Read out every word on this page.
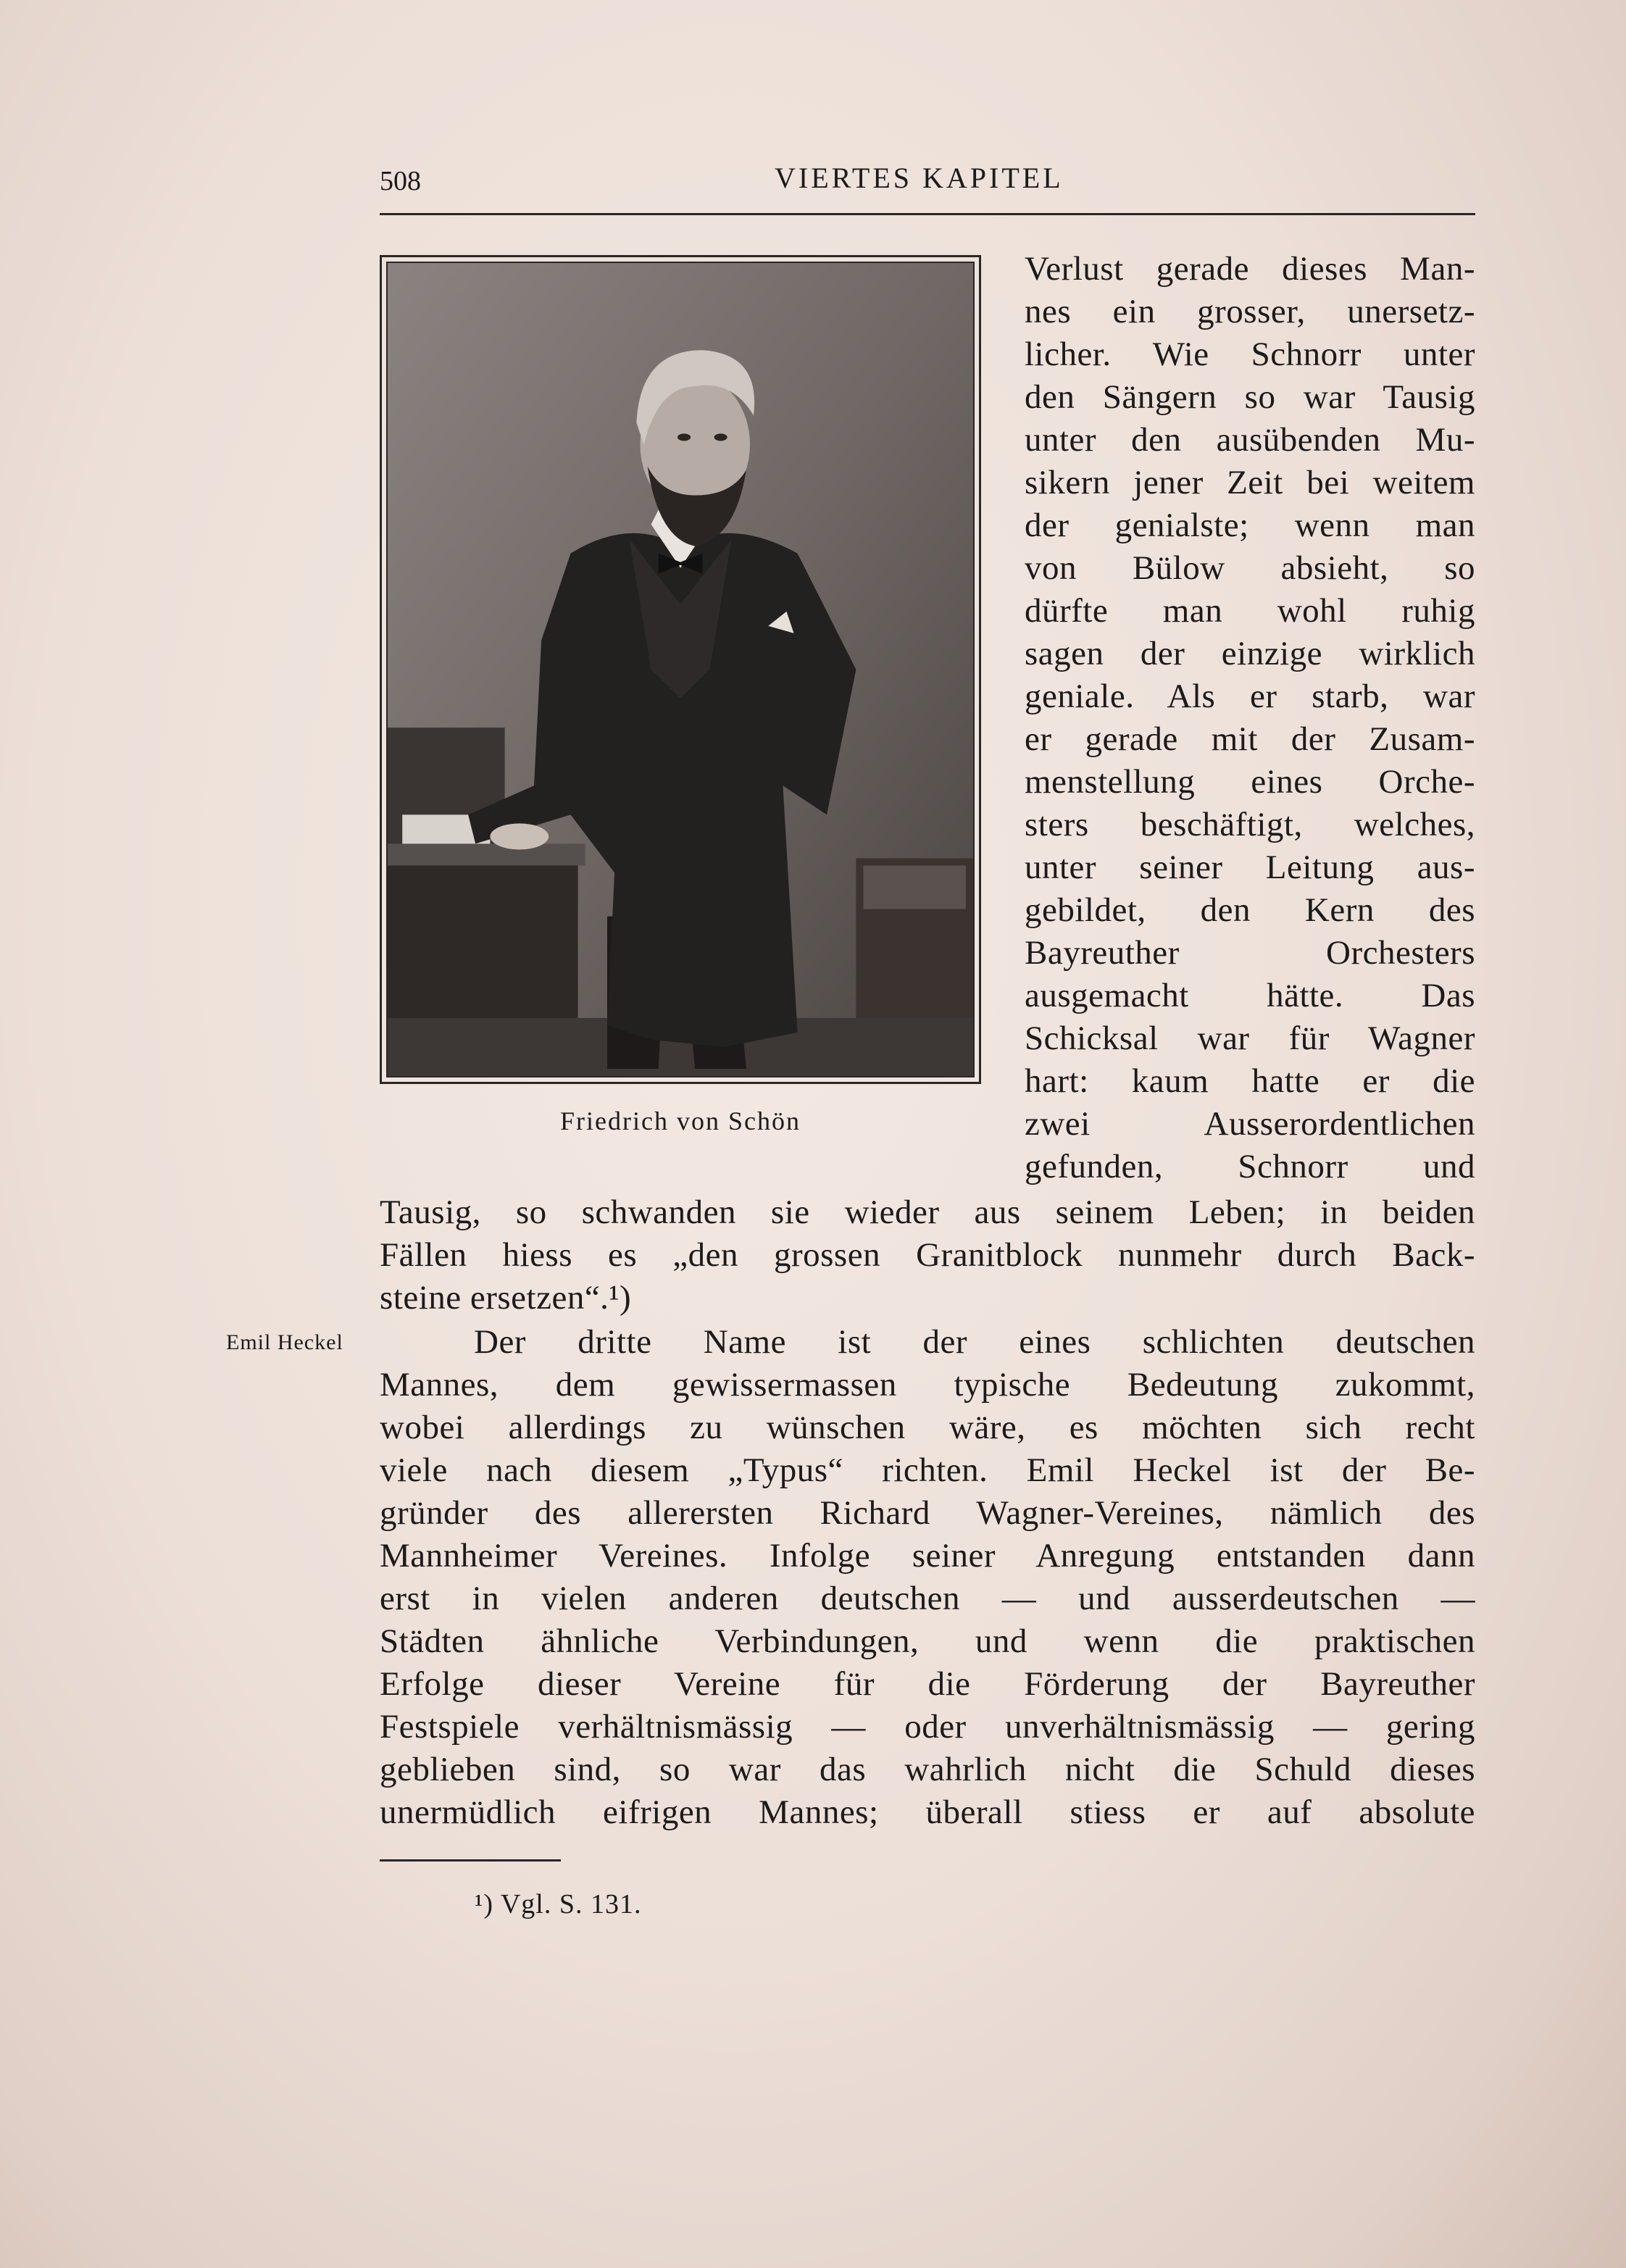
508	VIERTES KAPITEL
Friedrich von Schön
Verlust gerade dieses Man-
nes ein grosser, unersetz-
licher. Wie Schnorr unter
den Sängern so war Tausig
unter den ausübenden Mu-
sikern jener Zeit bei weitem
der genialste; wenn man
von Bülow absieht, so
dürfte man wohl ruhig
sagen der einzige wirklich
geniale. Als er starb, war
er gerade mit der Zusam-
menstellung eines Orche-
sters beschäftigt, welches,
unter seiner Leitung aus-
gebildet, den Kern des
Bayreuther Orchesters
ausgemacht hätte. Das
Schicksal war für Wagner
hart: kaum hatte er die
zwei Ausserordentlichen
gefunden, Schnorr und
Tausig, so schwanden sie wieder aus seinem Leben; in beiden
Fällen hiess es „den grossen Granitblock nunmehr durch Back-
steine ersetzen“.¹)
Emil Heckel	Der dritte Name ist der eines schlichten deutschen
Mannes, dem gewissermassen typische Bedeutung zukommt,
wobei allerdings zu wünschen wäre, es möchten sich recht
viele nach diesem „Typus“ richten. Emil Heckel ist der Be-
gründer des allerersten Richard Wagner-Vereines, nämlich des
Mannheimer Vereines. Infolge seiner Anregung entstanden dann
erst in vielen anderen deutschen — und ausserdeutschen —
Städten ähnliche Verbindungen, und wenn die praktischen
Erfolge dieser Vereine für die Förderung der Bayreuther
Festspiele verhältnismässig — oder unverhältnismässig — gering
geblieben sind, so war das wahrlich nicht die Schuld dieses
unermüdlich eifrigen Mannes; überall stiess er auf absolute
¹) Vgl. S. 131.
